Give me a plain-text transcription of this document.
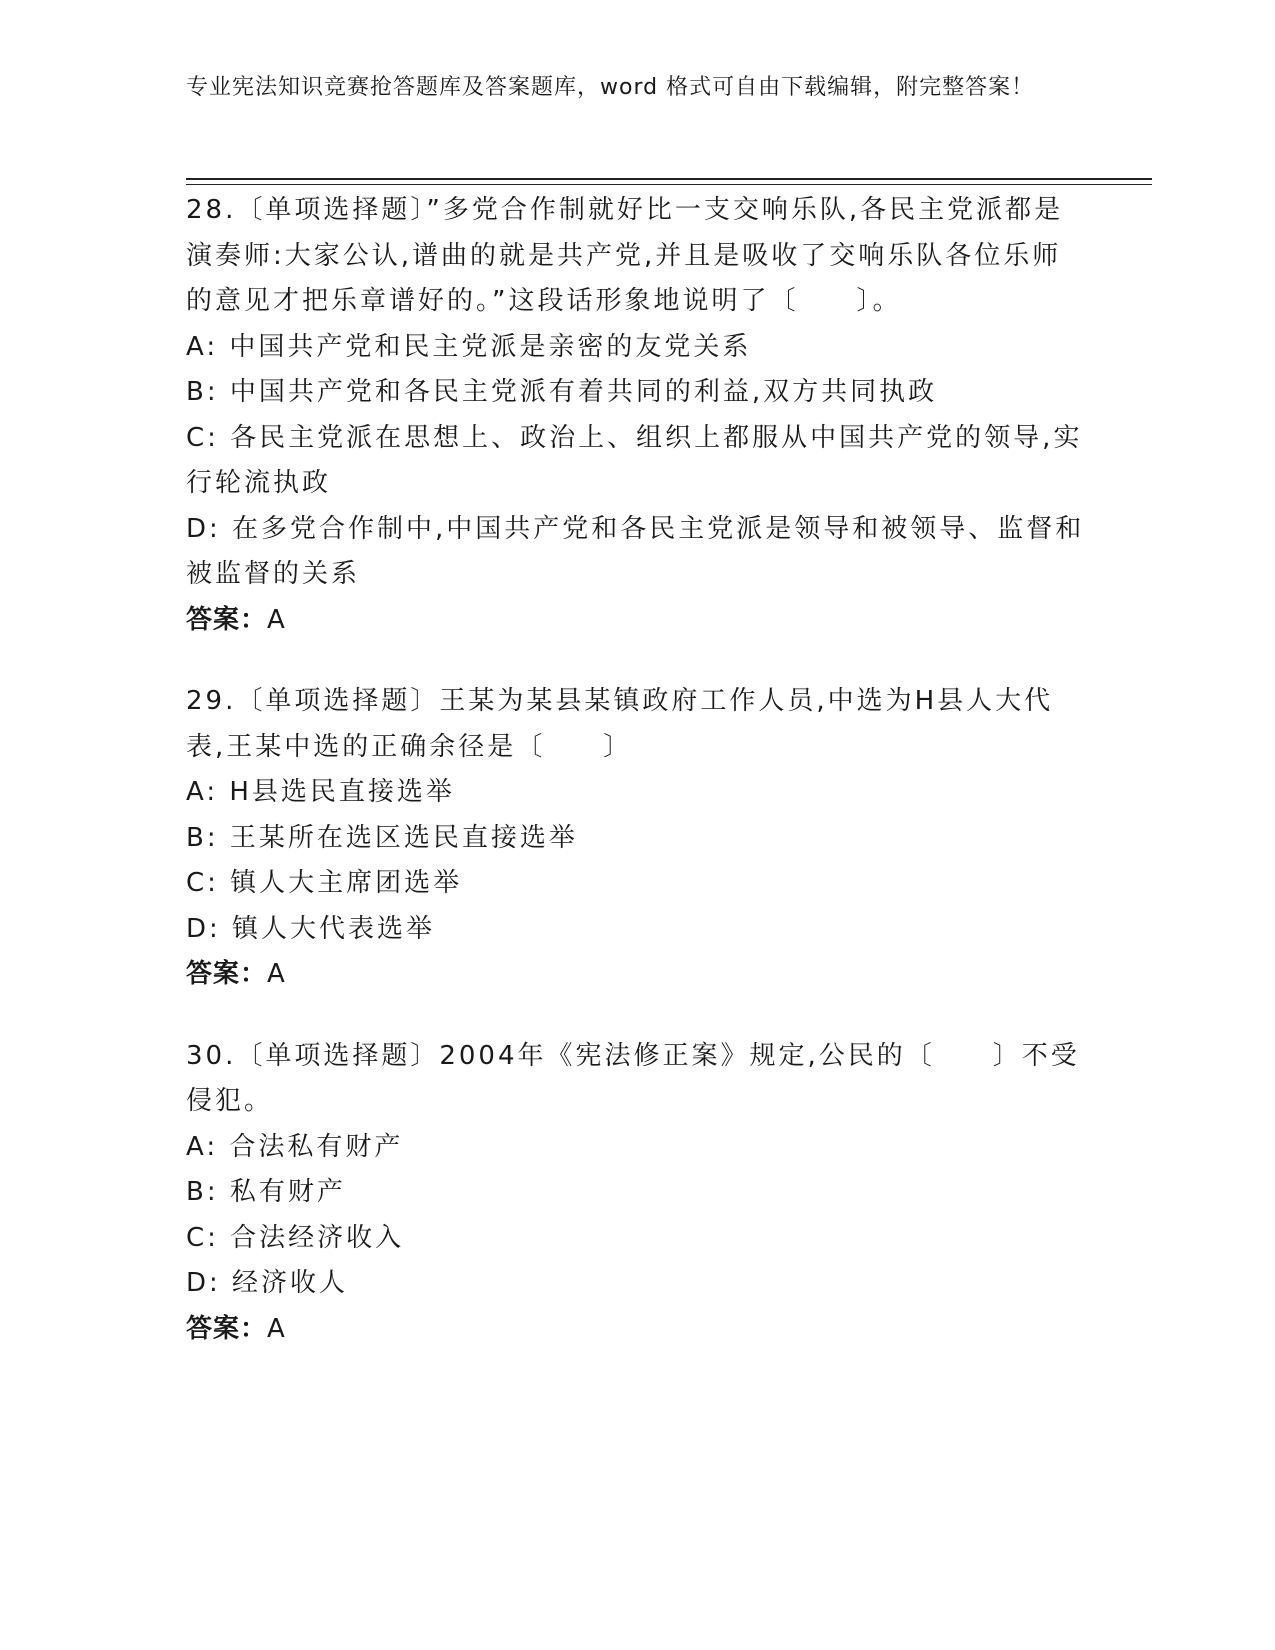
专业宪法知识竞赛抢答题库及答案题库，word 格式可自由下载编辑，附完整答案！

28.〔单项选择题〕”多党合作制就好比一支交响乐队,各民主党派都是演奏师:大家公认,谱曲的就是共产党,并且是吸收了交响乐队各位乐师的意见才把乐章谱好的。”这段话形象地说明了〔　　〕。

A: 中国共产党和民主党派是亲密的友党关系

B: 中国共产党和各民主党派有着共同的利益,双方共同执政

C: 各民主党派在思想上、政治上、组织上都服从中国共产党的领导,实行轮流执政

D: 在多党合作制中,中国共产党和各民主党派是领导和被领导、监督和被监督的关系

答案：A

29.〔单项选择题〕王某为某县某镇政府工作人员,中选为H县人大代表,王某中选的正确余径是〔　　〕

A: H县选民直接选举

B: 王某所在选区选民直接选举

C: 镇人大主席团选举

D: 镇人大代表选举

答案：A

30.〔单项选择题〕2004年《宪法修正案》规定,公民的〔　　〕不受侵犯。

A: 合法私有财产

B: 私有财产

C: 合法经济收入

D: 经济收人

答案：A
